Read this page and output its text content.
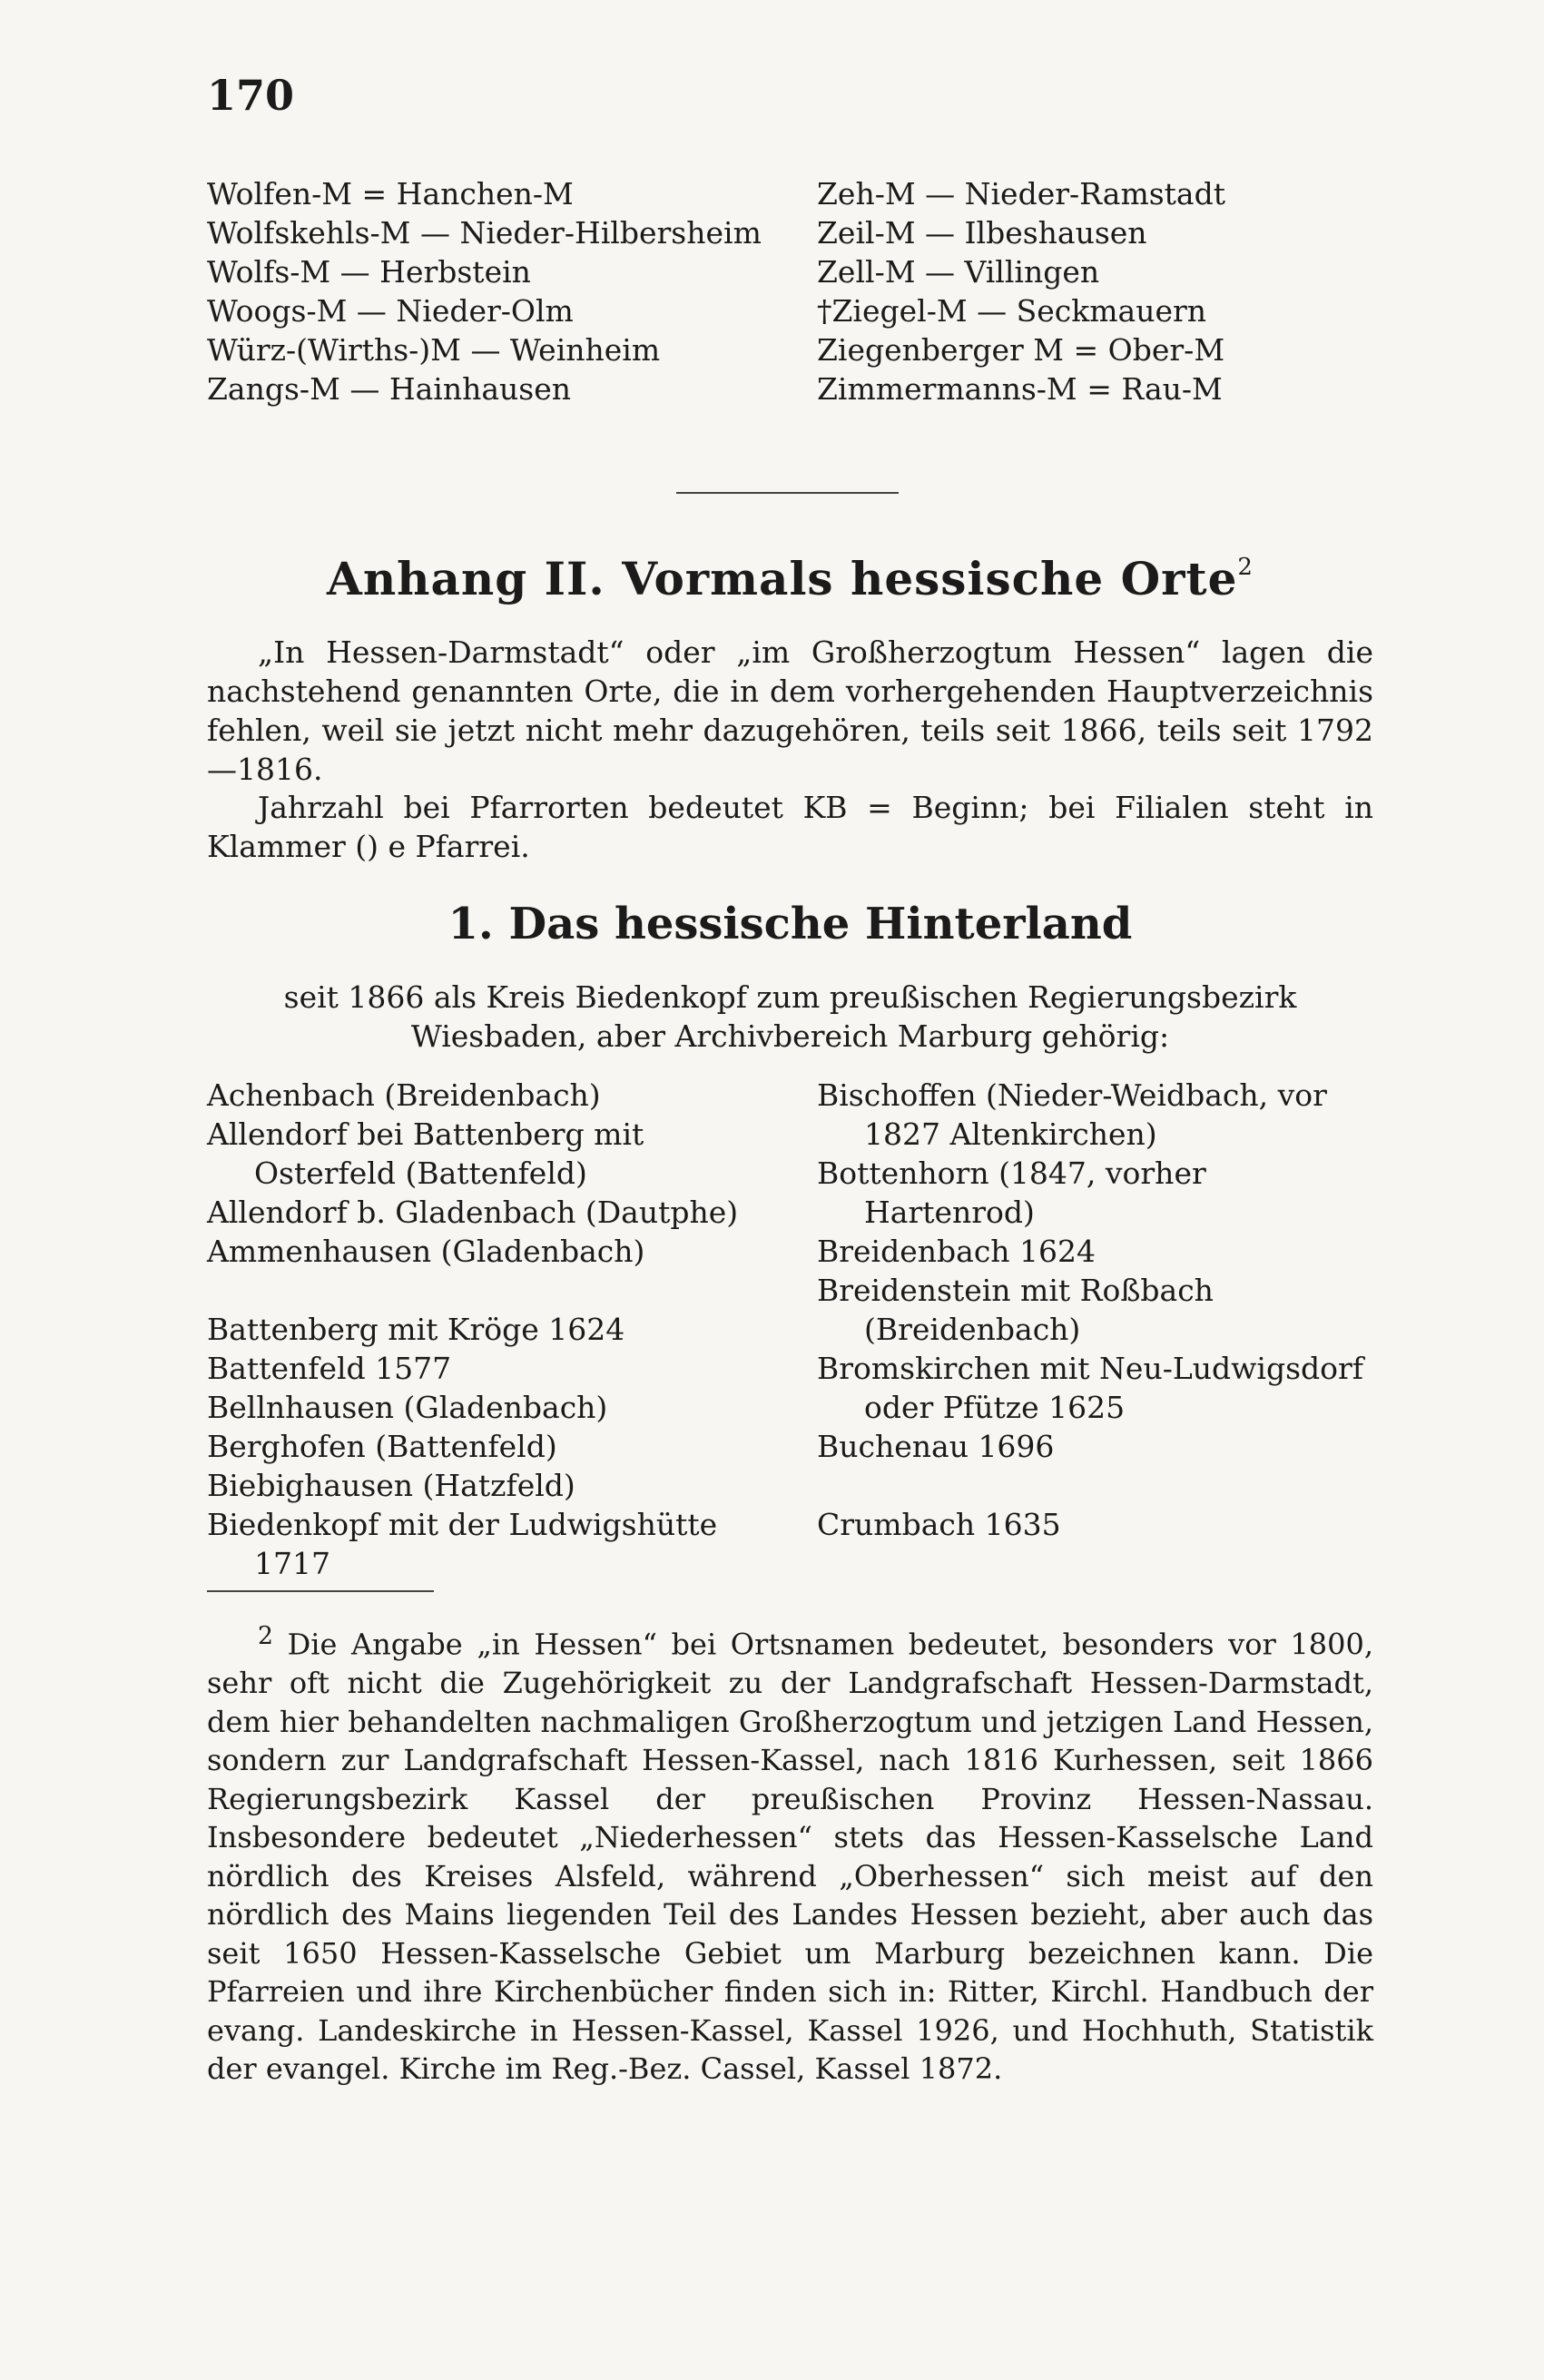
170
Wolfen-M = Hanchen-M
Wolfskehls-M — Nieder-Hilbersheim
Wolfs-M — Herbstein
Woogs-M — Nieder-Olm
Würz-(Wirths-)M — Weinheim
Zangs-M — Hainhausen
Zeh-M — Nieder-Ramstadt
Zeil-M — Ilbeshausen
Zell-M — Villingen
†Ziegel-M — Seckmauern
Ziegenberger M = Ober-M
Zimmermanns-M = Rau-M
Anhang II. Vormals hessische Orte$^2$

„In Hessen-Darmstadt“ oder „im Großherzogtum Hessen“ lagen die nachstehend genannten Orte, die in dem vorhergehenden Hauptverzeichnis fehlen, weil sie jetzt nicht mehr dazugehören, teils seit 1866, teils seit 1792—1816.

Jahrzahl bei Pfarrorten bedeutet KB = Beginn; bei Filialen steht in Klammer () e Pfarrei.

1. Das hessische Hinterland

seit 1866 als Kreis Biedenkopf zum preußischen Regierungsbezirk Wiesbaden, aber Archivbereich Marburg gehörig:

Achenbach (Breidenbach)
Allendorf bei Battenberg mit Osterfeld (Battenfeld)
Allendorf b. Gladenbach (Dautphe)
Ammenhausen (Gladenbach)
Battenberg mit Kröge 1624
Battenfeld 1577
Bellnhausen (Gladenbach)
Berghofen (Battenfeld)
Biebighausen (Hatzfeld)
Biedenkopf mit der Ludwigshütte 1717
Bischoffen (Nieder-Weidbach, vor 1827 Altenkirchen)
Bottenhorn (1847, vorher Hartenrod)
Breidenbach 1624
Breidenstein mit Roßbach (Breidenbach)
Bromskirchen mit Neu-Ludwigsdorf oder Pfütze 1625
Buchenau 1696
Crumbach 1635

$^2$ Die Angabe „in Hessen“ bei Ortsnamen bedeutet, besonders vor 1800, sehr oft nicht die Zugehörigkeit zu der Landgrafschaft Hessen-Darmstadt, dem hier behandelten nachmaligen Großherzogtum und jetzigen Land Hessen, sondern zur Landgrafschaft Hessen-Kassel, nach 1816 Kurhessen, seit 1866 Regierungsbezirk Kassel der preußischen Provinz Hessen-Nassau. Insbesondere bedeutet „Niederhessen“ stets das Hessen-Kasselsche Land nördlich des Kreises Alsfeld, während „Oberhessen“ sich meist auf den nördlich des Mains liegenden Teil des Landes Hessen bezieht, aber auch das seit 1650 Hessen-Kasselsche Gebiet um Marburg bezeichnen kann. Die Pfarreien und ihre Kirchenbücher finden sich in: Ritter, Kirchl. Handbuch der evang. Landeskirche in Hessen-Kassel, Kassel 1926, und Hochhuth, Statistik der evangel. Kirche im Reg.-Bez. Cassel, Kassel 1872.
